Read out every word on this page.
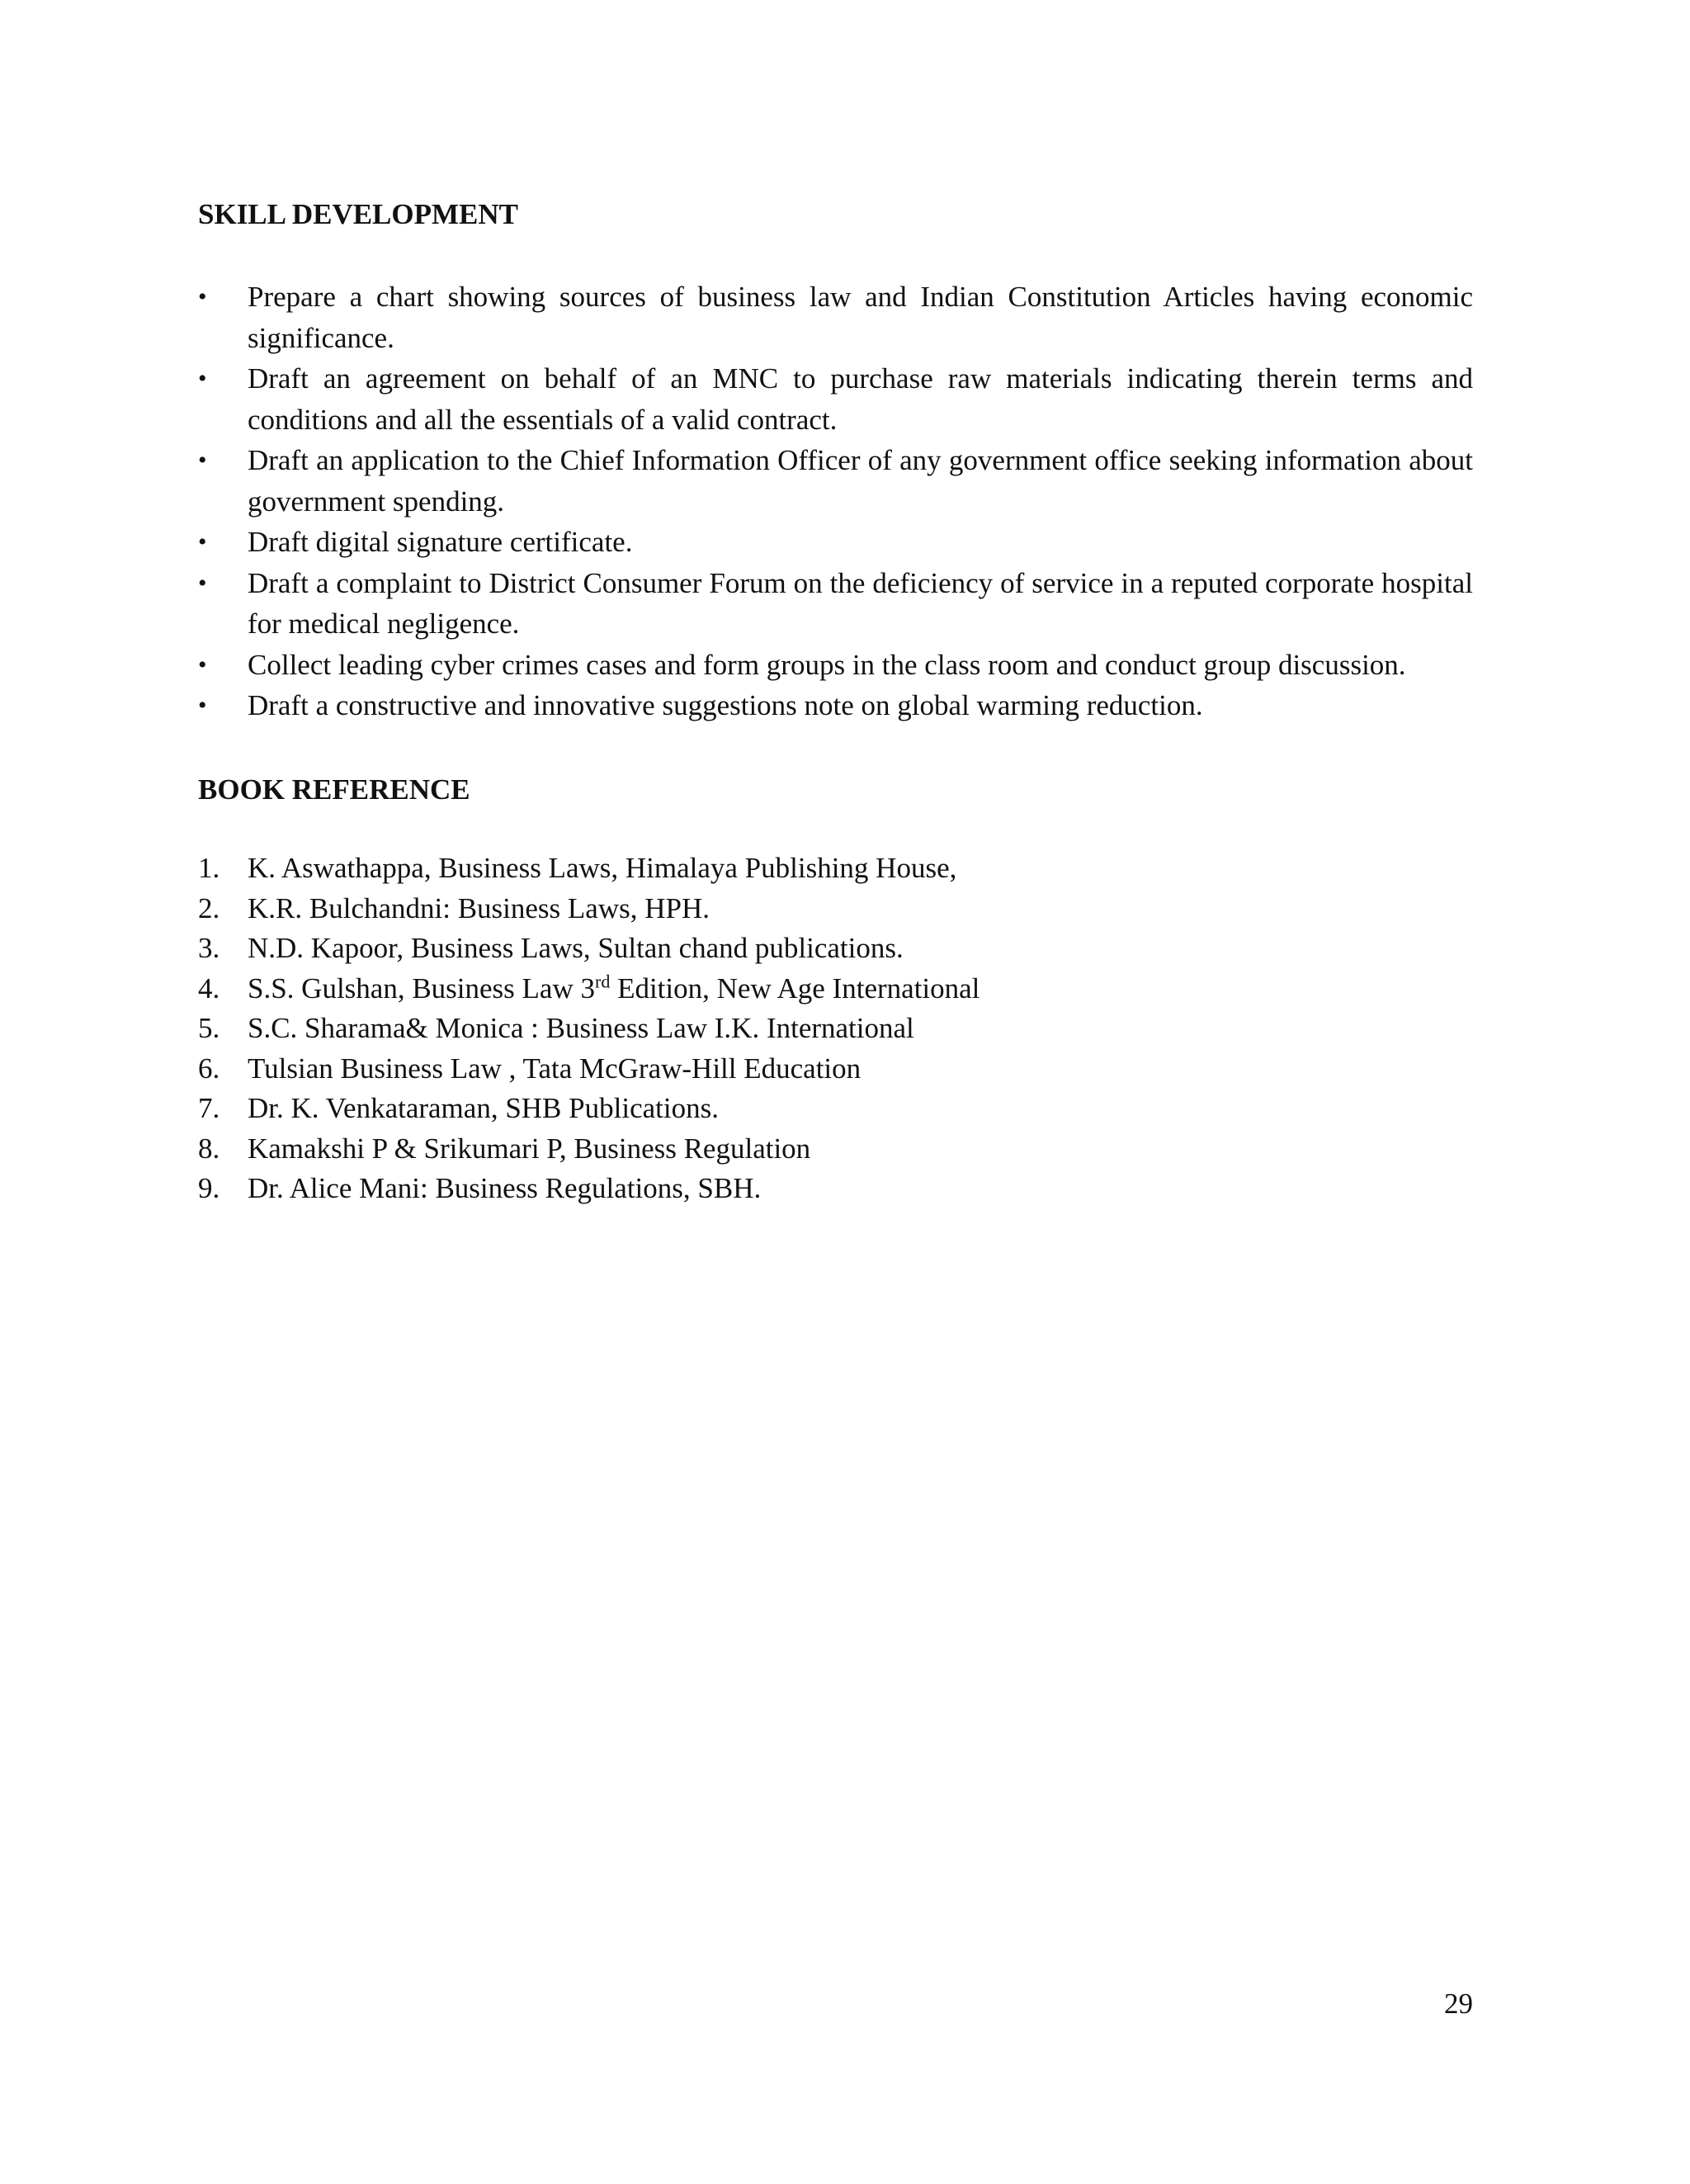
SKILL DEVELOPMENT
•	Prepare a chart showing sources of business law and Indian Constitution Articles having economic significance.
•	Draft an agreement on behalf of an MNC to purchase raw materials indicating therein terms and conditions and all the essentials of a valid contract.
•	Draft an application to the Chief Information Officer of any government office seeking information about government spending.
•	Draft digital signature certificate.
•	Draft a complaint to District Consumer Forum on the deficiency of service in a reputed corporate hospital for medical negligence.
•	Collect leading cyber crimes cases and form groups in the class room and conduct group discussion.
•	Draft a constructive and innovative suggestions note on global warming reduction.
BOOK REFERENCE
1. K. Aswathappa, Business Laws, Himalaya Publishing House,
2. K.R. Bulchandni: Business Laws, HPH.
3. N.D. Kapoor, Business Laws, Sultan chand publications.
4. S.S. Gulshan, Business Law 3rd Edition, New Age International
5. S.C. Sharama& Monica : Business Law I.K. International
6. Tulsian Business Law , Tata McGraw-Hill Education
7. Dr. K. Venkataraman, SHB Publications.
8. Kamakshi P & Srikumari P, Business Regulation
9. Dr. Alice Mani: Business Regulations, SBH.
29
